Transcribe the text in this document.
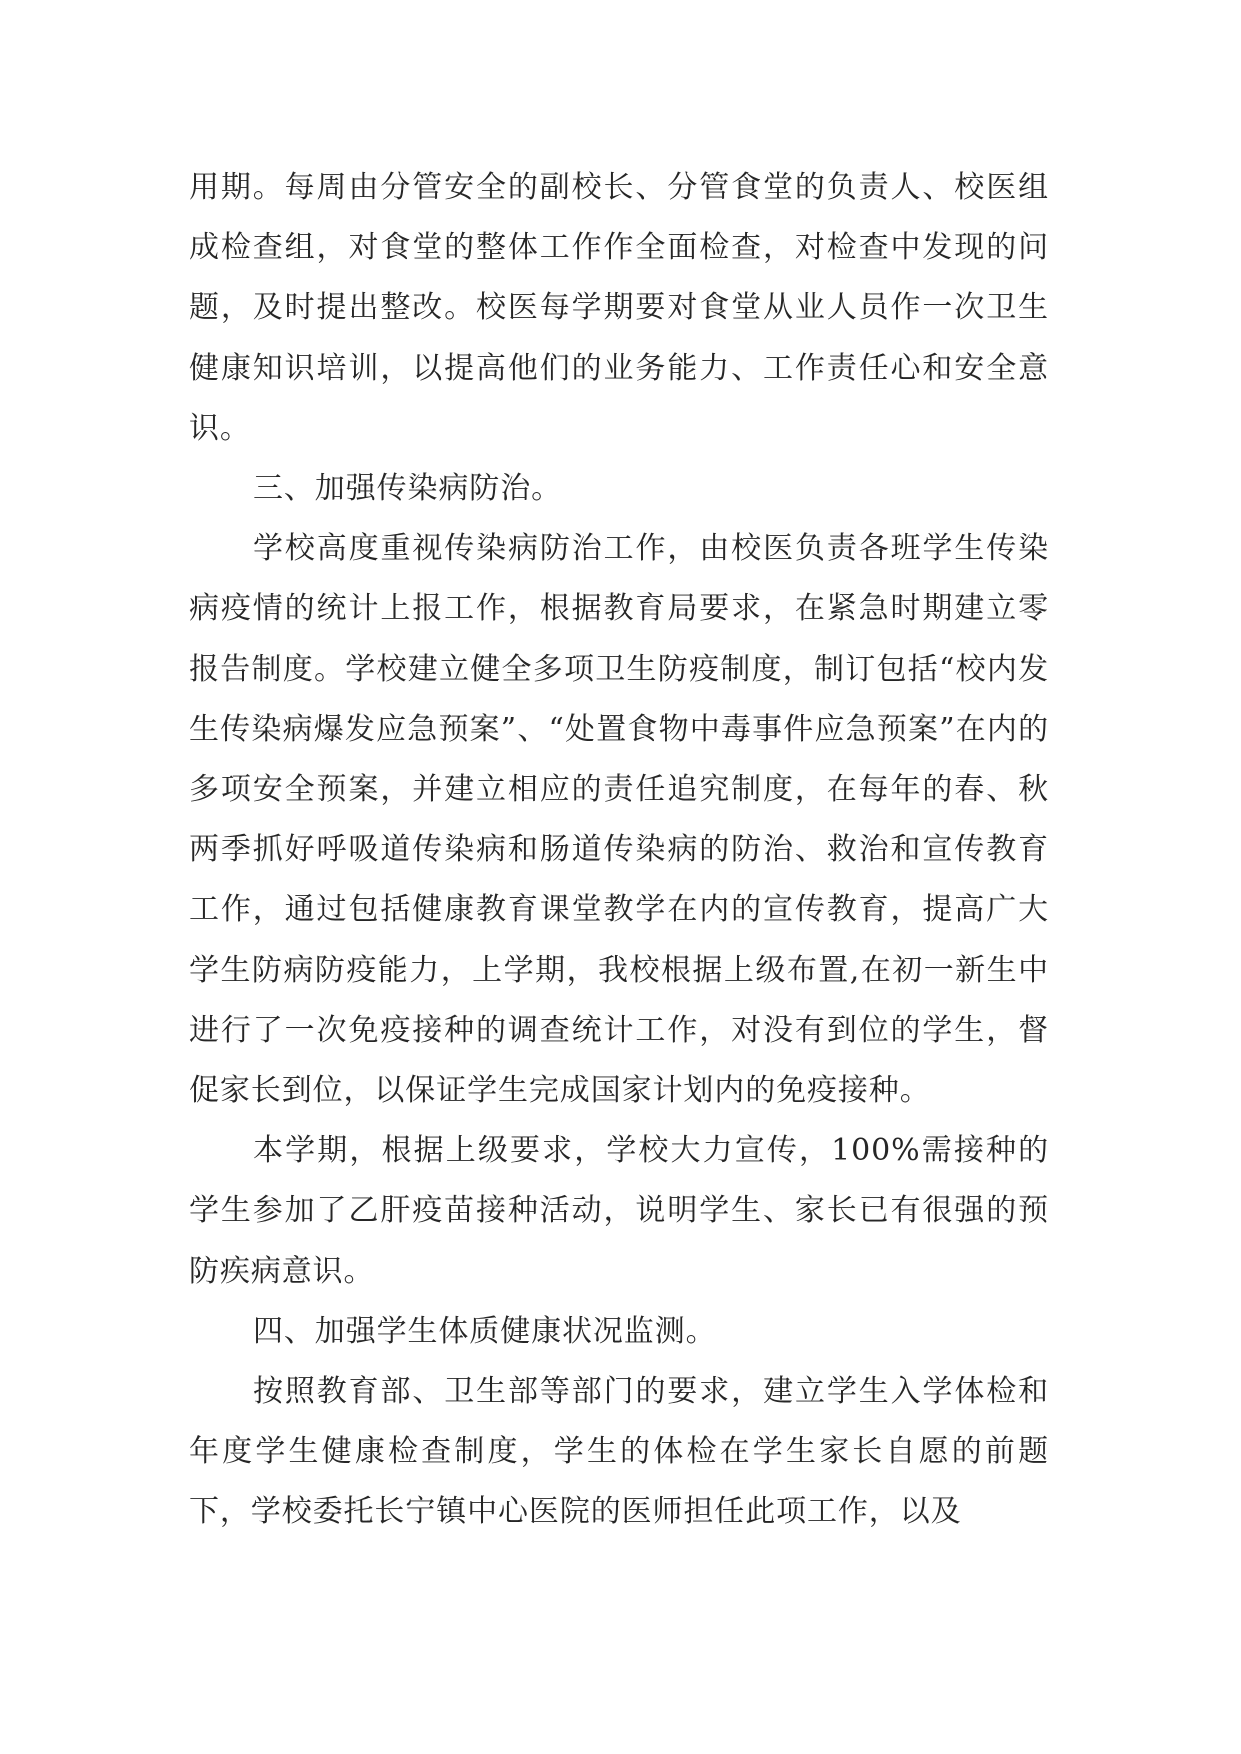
用期。每周由分管安全的副校长、分管食堂的负责人、校医组成检查组，对食堂的整体工作作全面检查，对检查中发现的问题，及时提出整改。校医每学期要对食堂从业人员作一次卫生健康知识培训，以提高他们的业务能力、工作责任心和安全意识。

三、加强传染病防治。

学校高度重视传染病防治工作，由校医负责各班学生传染病疫情的统计上报工作，根据教育局要求，在紧急时期建立零报告制度。学校建立健全多项卫生防疫制度，制订包括“校内发生传染病爆发应急预案”、“处置食物中毒事件应急预案”在内的多项安全预案，并建立相应的责任追究制度，在每年的春、秋两季抓好呼吸道传染病和肠道传染病的防治、救治和宣传教育工作，通过包括健康教育课堂教学在内的宣传教育，提高广大学生防病防疫能力，上学期，我校根据上级布置,在初一新生中进行了一次免疫接种的调查统计工作，对没有到位的学生，督促家长到位，以保证学生完成国家计划内的免疫接种。

本学期，根据上级要求，学校大力宣传，100%需接种的学生参加了乙肝疫苗接种活动，说明学生、家长已有很强的预防疾病意识。

四、加强学生体质健康状况监测。

按照教育部、卫生部等部门的要求，建立学生入学体检和年度学生健康检查制度，学生的体检在学生家长自愿的前题下，学校委托长宁镇中心医院的医师担任此项工作，以及
